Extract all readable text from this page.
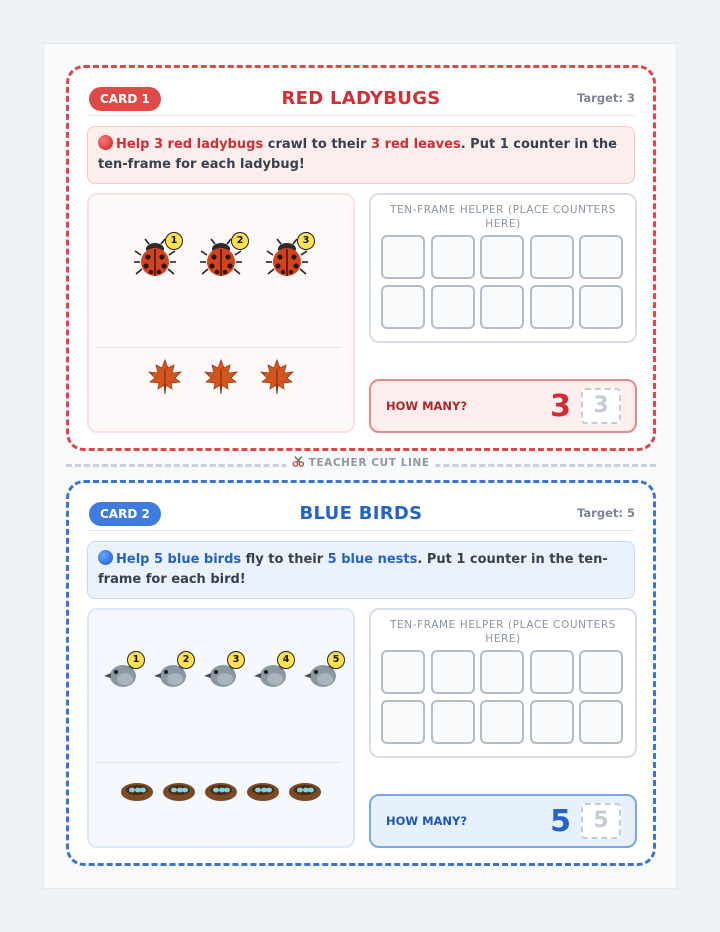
CARD 1	RED LADYBUGS	Target: 3
Help 3 red ladybugs crawl to their 3 red leaves. Put 1 counter in the ten-frame for each ladybug!
1	2	3
TEN-FRAME HELPER (PLACE COUNTERS HERE)
HOW MANY?	3	3
TEACHER CUT LINE
CARD 2	BLUE BIRDS	Target: 5
Help 5 blue birds fly to their 5 blue nests. Put 1 counter in the ten-frame for each bird!
1	2	3	4	5
TEN-FRAME HELPER (PLACE COUNTERS HERE)
HOW MANY?	5	5
